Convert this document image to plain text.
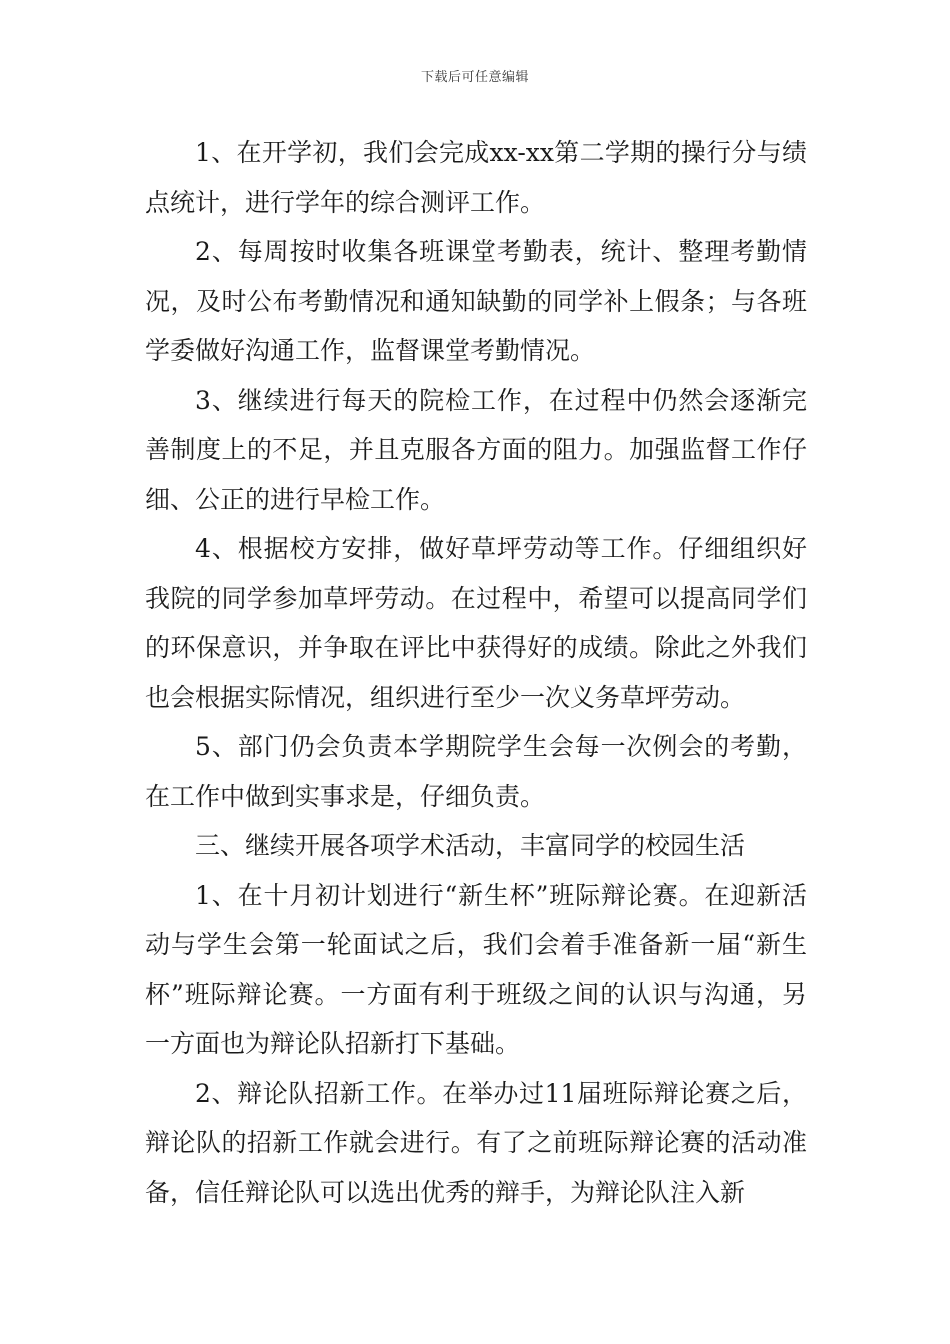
下载后可任意编辑

1、在开学初，我们会完成xx-xx第二学期的操行分与绩点统计，进行学年的综合测评工作。

2、每周按时收集各班课堂考勤表，统计、整理考勤情况，及时公布考勤情况和通知缺勤的同学补上假条；与各班学委做好沟通工作，监督课堂考勤情况。

3、继续进行每天的院检工作，在过程中仍然会逐渐完善制度上的不足，并且克服各方面的阻力。加强监督工作仔细、公正的进行早检工作。

4、根据校方安排，做好草坪劳动等工作。仔细组织好我院的同学参加草坪劳动。在过程中，希望可以提高同学们的环保意识，并争取在评比中获得好的成绩。除此之外我们也会根据实际情况，组织进行至少一次义务草坪劳动。

5、部门仍会负责本学期院学生会每一次例会的考勤，在工作中做到实事求是，仔细负责。

三、继续开展各项学术活动，丰富同学的校园生活

1、在十月初计划进行“新生杯”班际辩论赛。在迎新活动与学生会第一轮面试之后，我们会着手准备新一届“新生杯”班际辩论赛。一方面有利于班级之间的认识与沟通，另一方面也为辩论队招新打下基础。

2、辩论队招新工作。在举办过11届班际辩论赛之后，辩论队的招新工作就会进行。有了之前班际辩论赛的活动准备，信任辩论队可以选出优秀的辩手，为辩论队注入新
